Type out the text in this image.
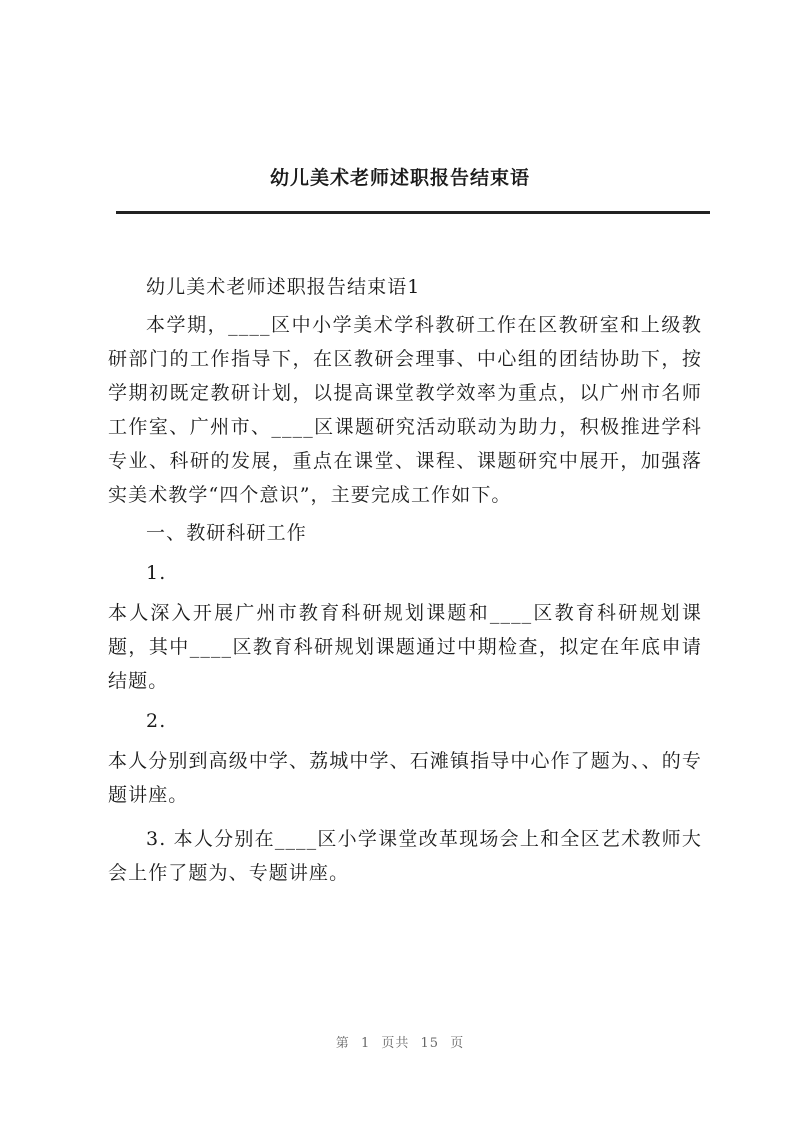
幼儿美术老师述职报告结束语

幼儿美术老师述职报告结束语1

本学期，____区中小学美术学科教研工作在区教研室和上级教研部门的工作指导下，在区教研会理事、中心组的团结协助下，按学期初既定教研计划，以提高课堂教学效率为重点，以广州市名师工作室、广州市、____区课题研究活动联动为助力，积极推进学科专业、科研的发展，重点在课堂、课程、课题研究中展开，加强落实美术教学“四个意识”，主要完成工作如下。

一、教研科研工作

1.

本人深入开展广州市教育科研规划课题和____区教育科研规划课题，其中____区教育科研规划课题通过中期检查，拟定在年底申请结题。

2.

本人分别到高级中学、荔城中学、石滩镇指导中心作了题为、、的专题讲座。

3. 本人分别在____区小学课堂改革现场会上和全区艺术教师大会上作了题为、专题讲座。

第 1 页共 15 页
